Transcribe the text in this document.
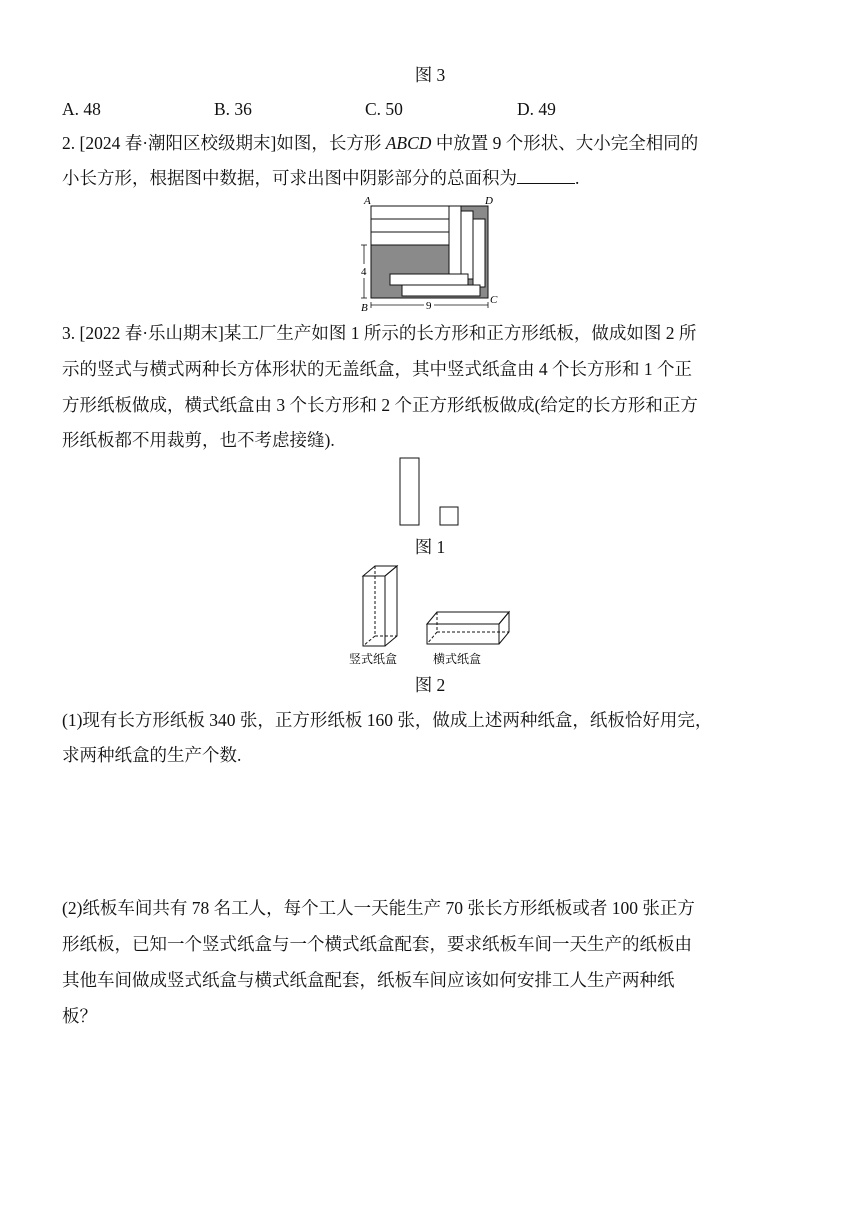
图 3
A. 48	B. 36	C. 50	D. 49
2. [2024 春·潮阳区校级期末]如图，长方形 ABCD 中放置 9 个形状、大小完全相同的
小长方形，根据图中数据，可求出图中阴影部分的总面积为	.
A	D
B
C
4
9
3. [2022 春·乐山期末]某工厂生产如图 1 所示的长方形和正方形纸板，做成如图 2 所
示的竖式与横式两种长方体形状的无盖纸盒，其中竖式纸盒由 4 个长方形和 1 个正
方形纸板做成，横式纸盒由 3 个长方形和 2 个正方形纸板做成(给定的长方形和正方
形纸板都不用裁剪，也不考虑接缝).
图 1
竖式纸盒	横式纸盒
图 2
(1)现有长方形纸板 340 张，正方形纸板 160 张，做成上述两种纸盒，纸板恰好用完，
求两种纸盒的生产个数.
(2)纸板车间共有 78 名工人，每个工人一天能生产 70 张长方形纸板或者 100 张正方
形纸板，已知一个竖式纸盒与一个横式纸盒配套，要求纸板车间一天生产的纸板由
其他车间做成竖式纸盒与横式纸盒配套，纸板车间应该如何安排工人生产两种纸
板？
